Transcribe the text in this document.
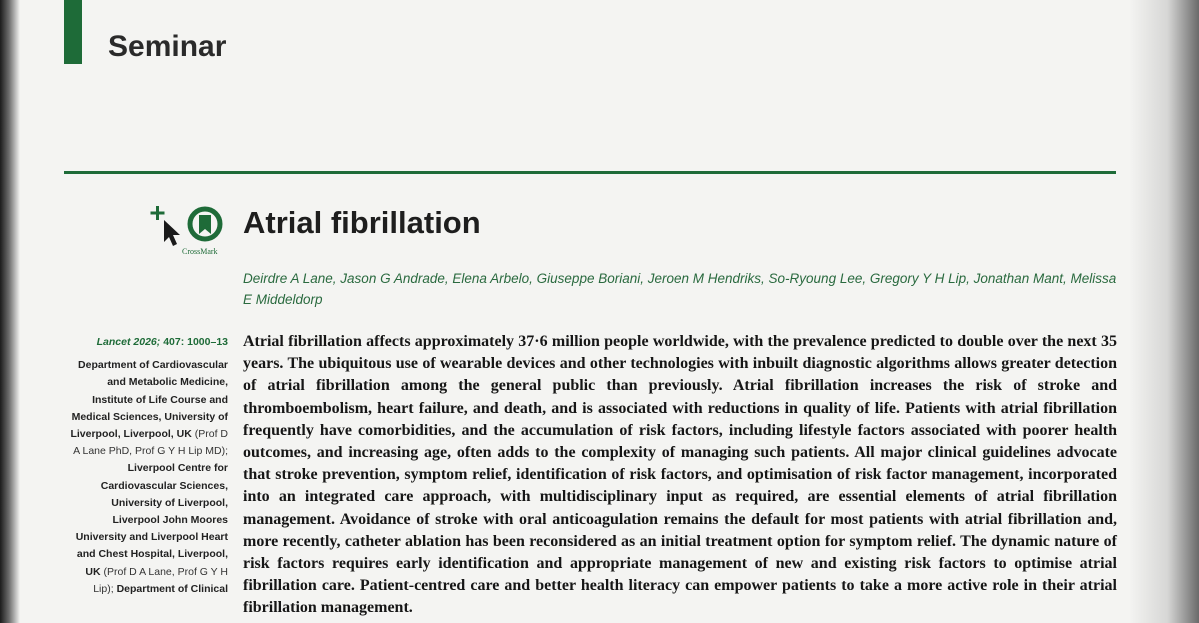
Seminar
CrossMark
Atrial fibrillation
Deirdre A Lane, Jason G Andrade, Elena Arbelo, Giuseppe Boriani, Jeroen M Hendriks, So-Ryoung Lee, Gregory Y H Lip, Jonathan Mant, Melissa E Middeldorp
Lancet 2026; 407: 1000–13
Department of Cardiovascular and Metabolic Medicine, Institute of Life Course and Medical Sciences, University of Liverpool, Liverpool, UK (Prof D A Lane PhD, Prof G Y H Lip MD); Liverpool Centre for Cardiovascular Sciences, University of Liverpool, Liverpool John Moores University and Liverpool Heart and Chest Hospital, Liverpool, UK (Prof D A Lane, Prof G Y H Lip); Department of Clinical
Atrial fibrillation affects approximately 37·6 million people worldwide, with the prevalence predicted to double over the next 35 years. The ubiquitous use of wearable devices and other technologies with inbuilt diagnostic algorithms allows greater detection of atrial fibrillation among the general public than previously. Atrial fibrillation increases the risk of stroke and thromboembolism, heart failure, and death, and is associated with reductions in quality of life. Patients with atrial fibrillation frequently have comorbidities, and the accumulation of risk factors, including lifestyle factors associated with poorer health outcomes, and increasing age, often adds to the complexity of managing such patients. All major clinical guidelines advocate that stroke prevention, symptom relief, identification of risk factors, and optimisation of risk factor management, incorporated into an integrated care approach, with multidisciplinary input as required, are essential elements of atrial fibrillation management. Avoidance of stroke with oral anticoagulation remains the default for most patients with atrial fibrillation and, more recently, catheter ablation has been reconsidered as an initial treatment option for symptom relief. The dynamic nature of risk factors requires early identification and appropriate management of new and existing risk factors to optimise atrial fibrillation care. Patient-centred care and better health literacy can empower patients to take a more active role in their atrial fibrillation management.
